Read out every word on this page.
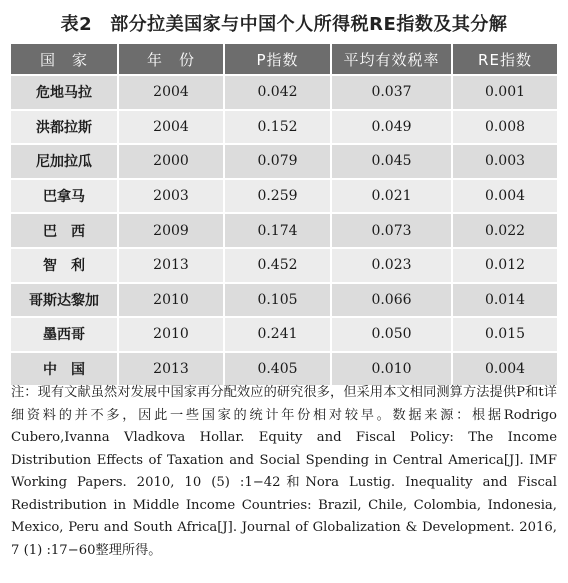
表2 部分拉美国家与中国个人所得税RE指数及其分解
国　家	年　份	P指数	平均有效税率	RE指数
危地马拉	2004	0.042	0.037	0.001
洪都拉斯	2004	0.152	0.049	0.008
尼加拉瓜	2000	0.079	0.045	0.003
巴拿马	2003	0.259	0.021	0.004
巴　西	2009	0.174	0.073	0.022
智　利	2013	0.452	0.023	0.012
哥斯达黎加	2010	0.105	0.066	0.014
墨西哥	2010	0.241	0.050	0.015
中　国	2013	0.405	0.010	0.004
注：现有文献虽然对发展中国家再分配效应的研究很多，但采用本文相同测算方法提供P和t详细资料的并不多，因此一些国家的统计年份相对较早。数据来源：根据Rodrigo Cubero,Ivanna Vladkova Hollar. Equity and Fiscal Policy: The Income Distribution Effects of Taxation and Social Spending in Central America[J]. IMF Working Papers. 2010, 10 (5) :1−42和Nora Lustig. Inequality and Fiscal Redistribution in Middle Income Countries: Brazil, Chile, Colombia, Indonesia, Mexico, Peru and South Africa[J]. Journal of Globalization & Development. 2016, 7 (1) :17−60整理所得。
